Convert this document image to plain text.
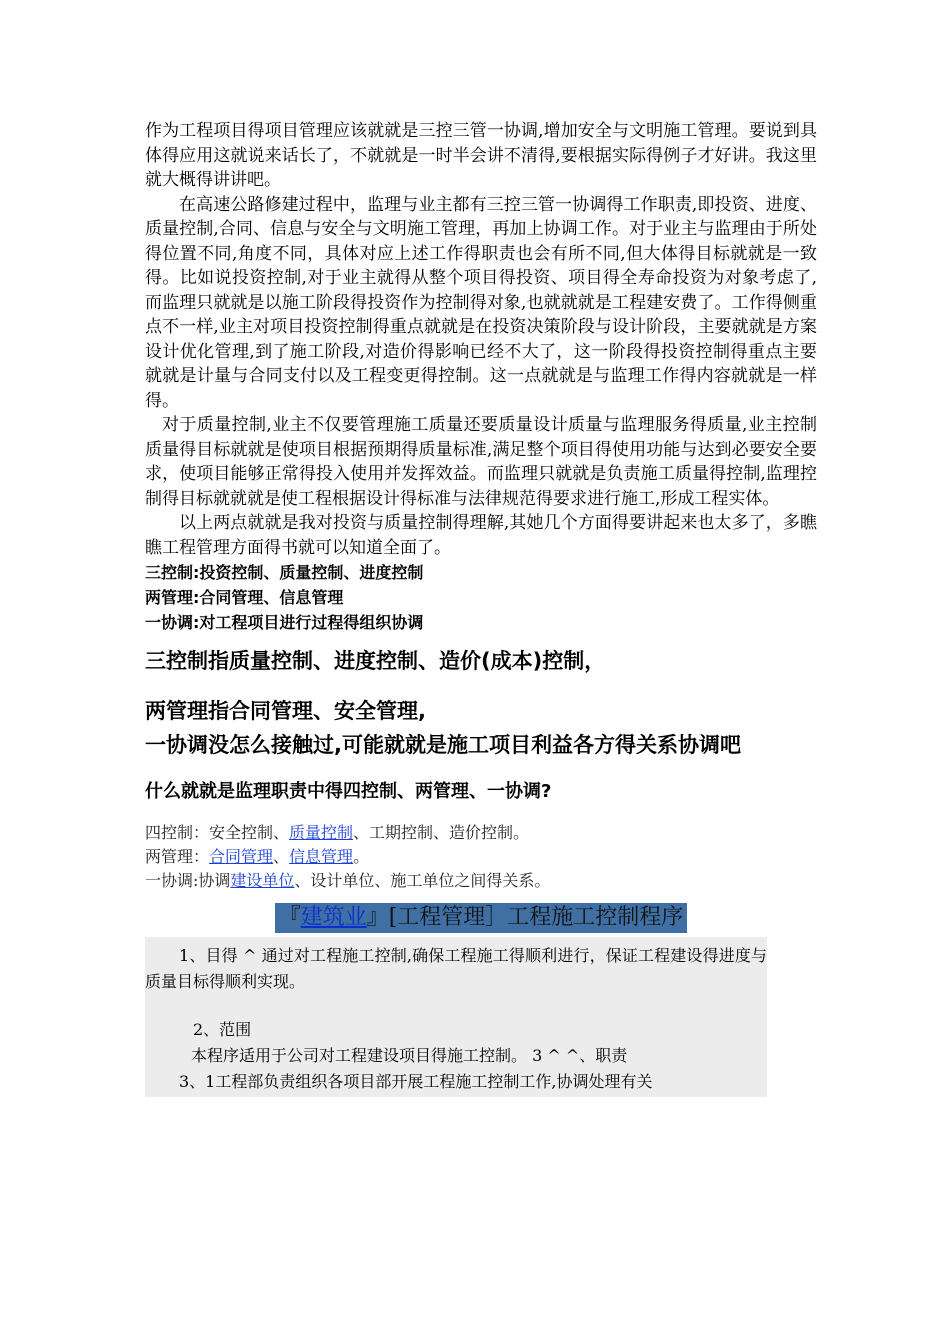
作为工程项目得项目管理应该就就是三控三管一协调,增加安全与文明施工管理。要说到具体得应用这就说来话长了，不就就是一时半会讲不清得,要根据实际得例子才好讲。我这里就大概得讲讲吧。

在高速公路修建过程中，监理与业主都有三控三管一协调得工作职责,即投资、进度、质量控制,合同、信息与安全与文明施工管理，再加上协调工作。对于业主与监理由于所处得位置不同,角度不同，具体对应上述工作得职责也会有所不同,但大体得目标就就是一致得。比如说投资控制,对于业主就得从整个项目得投资、项目得全寿命投资为对象考虑了,而监理只就就是以施工阶段得投资作为控制得对象,也就就就是工程建安费了。工作得侧重点不一样,业主对项目投资控制得重点就就是在投资决策阶段与设计阶段，主要就就是方案设计优化管理,到了施工阶段,对造价得影响已经不大了，这一阶段得投资控制得重点主要就就是计量与合同支付以及工程变更得控制。这一点就就是与监理工作得内容就就是一样得。

对于质量控制,业主不仅要管理施工质量还要质量设计质量与监理服务得质量,业主控制质量得目标就就是使项目根据预期得质量标准,满足整个项目得使用功能与达到必要安全要求，使项目能够正常得投入使用并发挥效益。而监理只就就是负责施工质量得控制,监理控制得目标就就就是使工程根据设计得标准与法律规范得要求进行施工,形成工程实体。

以上两点就就是我对投资与质量控制得理解,其她几个方面得要讲起来也太多了，多瞧瞧工程管理方面得书就可以知道全面了。

三控制:投资控制、质量控制、进度控制

两管理:合同管理、信息管理

一协调:对工程项目进行过程得组织协调

三控制指质量控制、进度控制、造价(成本)控制，

两管理指合同管理、安全管理,

一协调没怎么接触过,可能就就是施工项目利益各方得关系协调吧

什么就就是监理职责中得四控制、两管理、一协调?

四控制：安全控制、质量控制、工期控制、造价控制。

两管理：合同管理、信息管理。

一协调:协调建设单位、设计单位、施工单位之间得关系。

『建筑业』[工程管理］工程施工控制程序

1、目得 ^ 通过对工程施工控制,确保工程施工得顺利进行，保证工程建设得进度与质量目标得顺利实现。

2、范围

本程序适用于公司对工程建设项目得施工控制。 3 ^ ^、职责

3、1工程部负责组织各项目部开展工程施工控制工作,协调处理有关
